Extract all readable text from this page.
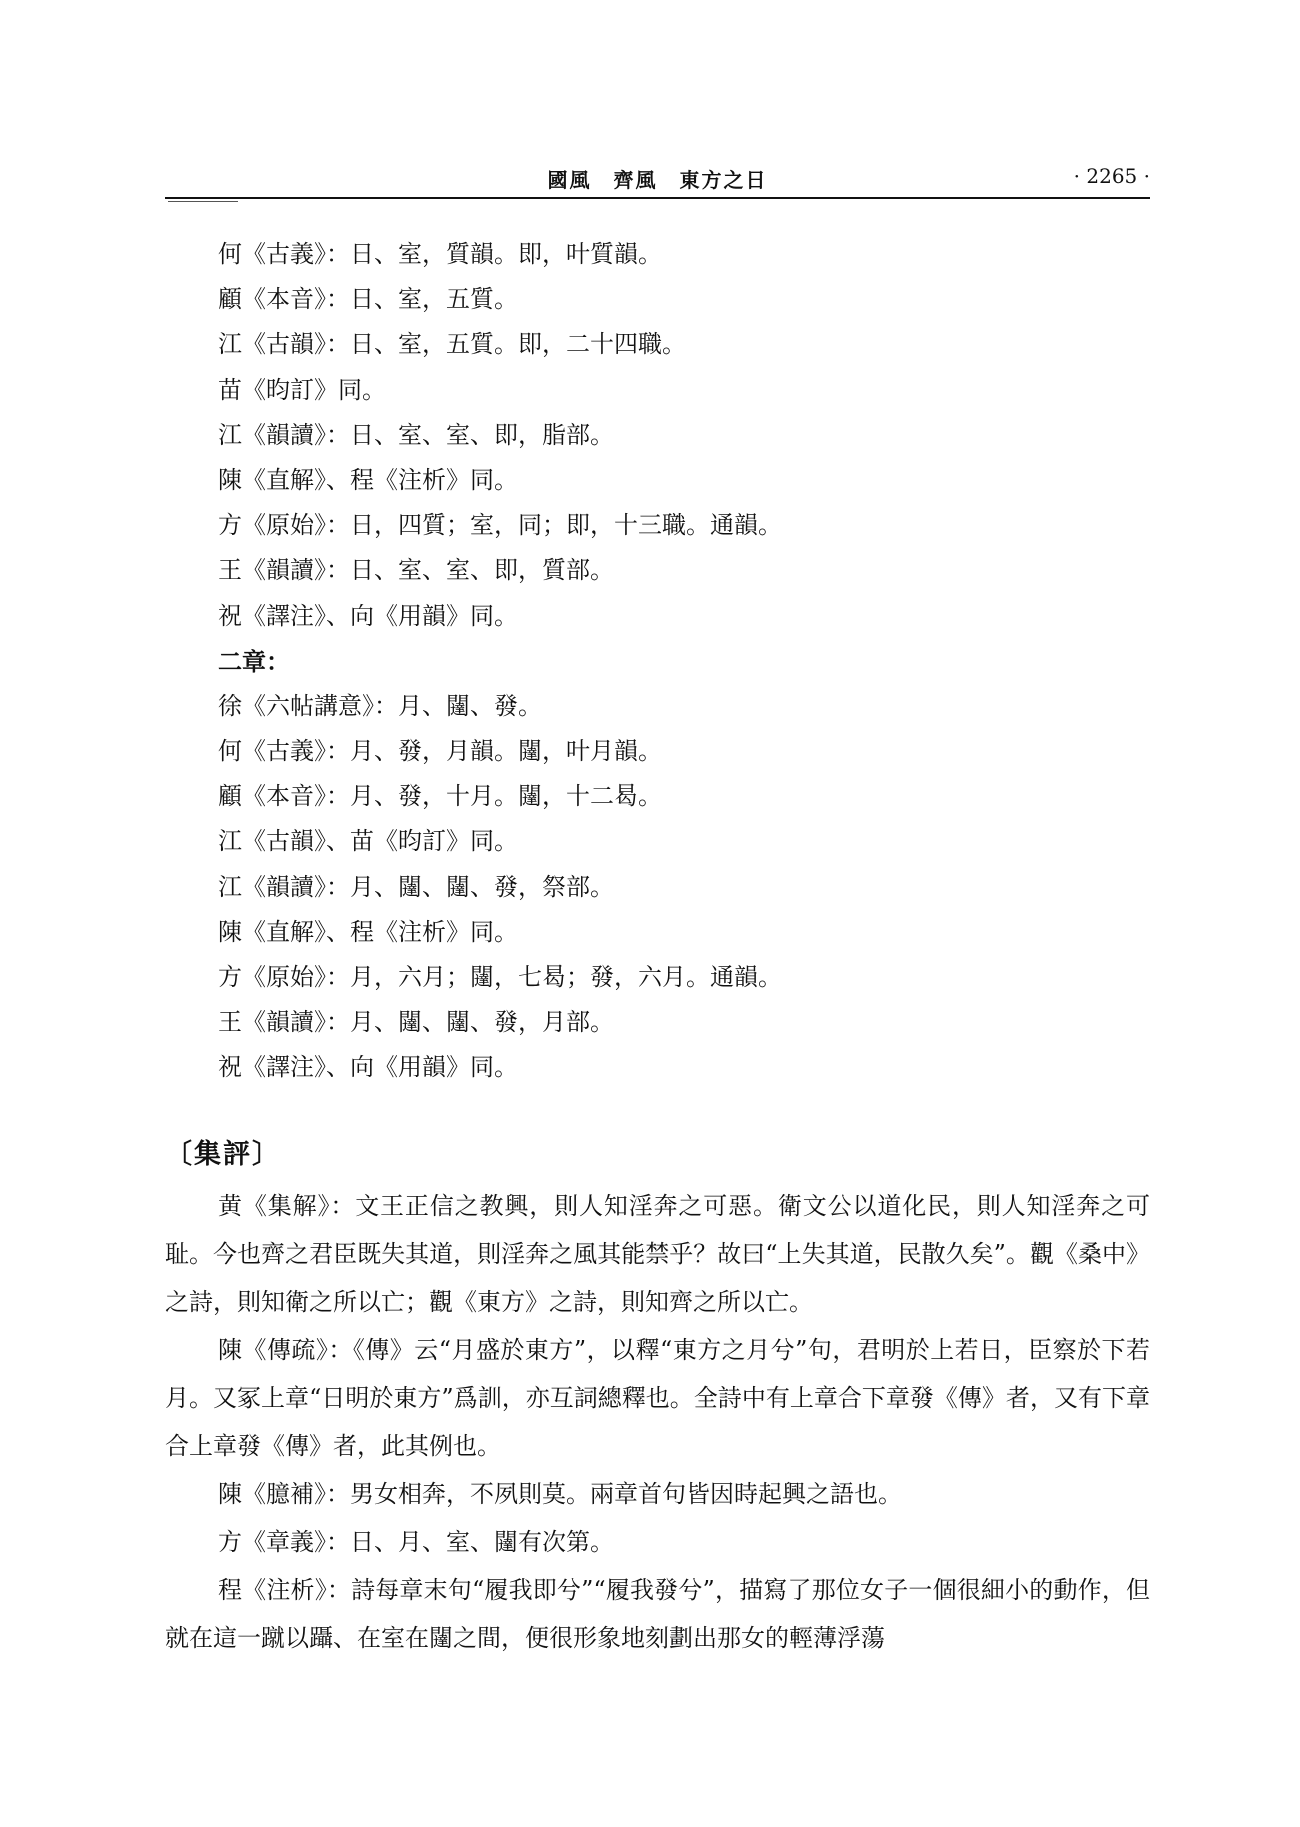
國風　齊風　東方之日	· 2265 ·
何《古義》：日、室，質韻。即，叶質韻。
顧《本音》：日、室，五質。
江《古韻》：日、室，五質。即，二十四職。
苗《昀訂》同。
江《韻讀》：日、室、室、即，脂部。
陳《直解》、程《注析》同。
方《原始》：日，四質；室，同；即，十三職。通韻。
王《韻讀》：日、室、室、即，質部。
祝《譯注》、向《用韻》同。
二章：
徐《六帖講意》：月、闥、發。
何《古義》：月、發，月韻。闥，叶月韻。
顧《本音》：月、發，十月。闥，十二曷。
江《古韻》、苗《昀訂》同。
江《韻讀》：月、闥、闥、發，祭部。
陳《直解》、程《注析》同。
方《原始》：月，六月；闥，七曷；發，六月。通韻。
王《韻讀》：月、闥、闥、發，月部。
祝《譯注》、向《用韻》同。
〔集評〕

黄《集解》：文王正信之教興，則人知淫奔之可惡。衛文公以道化民，則人知淫奔之可耻。今也齊之君臣既失其道，則淫奔之風其能禁乎？故曰“上失其道，民散久矣”。觀《桑中》之詩，則知衛之所以亡；觀《東方》之詩，則知齊之所以亡。

陳《傳疏》：《傳》云“月盛於東方”，以釋“東方之月兮”句，君明於上若日，臣察於下若月。又冢上章“日明於東方”爲訓，亦互詞總釋也。全詩中有上章合下章發《傳》者，又有下章合上章發《傳》者，此其例也。

陳《臆補》：男女相奔，不夙則莫。兩章首句皆因時起興之語也。

方《章義》：日、月、室、闥有次第。

程《注析》：詩每章末句“履我即兮”“履我發兮”，描寫了那位女子一個很細小的動作，但就在這一蹴以躡、在室在闥之間，便很形象地刻劃出那女的輕薄浮蕩
